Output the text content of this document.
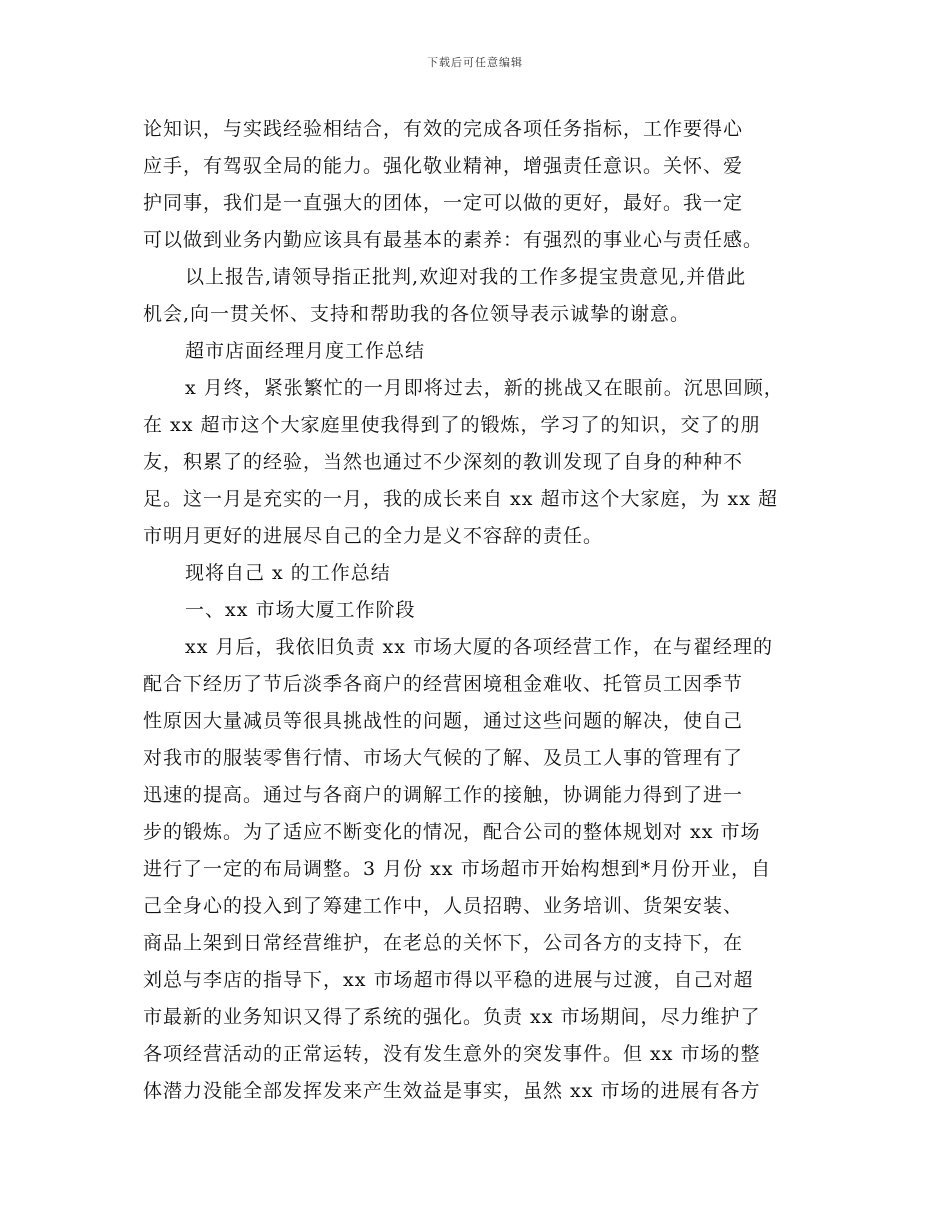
下载后可任意编辑
论知识，与实践经验相结合，有效的完成各项任务指标，工作要得心
应手，有驾驭全局的能力。强化敬业精神，增强责任意识。关怀、爱
护同事，我们是一直强大的团体，一定可以做的更好，最好。我一定
可以做到业务内勤应该具有最基本的素养：有强烈的事业心与责任感。
以上报告,请领导指正批判,欢迎对我的工作多提宝贵意见,并借此
机会,向一贯关怀、支持和帮助我的各位领导表示诚挚的谢意。
超市店面经理月度工作总结
x 月终，紧张繁忙的一月即将过去，新的挑战又在眼前。沉思回顾，
在 xx 超市这个大家庭里使我得到了的锻炼，学习了的知识，交了的朋
友，积累了的经验，当然也通过不少深刻的教训发现了自身的种种不
足。这一月是充实的一月，我的成长来自 xx 超市这个大家庭，为 xx 超
市明月更好的进展尽自己的全力是义不容辞的责任。
现将自己 x 的工作总结
一、xx 市场大厦工作阶段
xx 月后，我依旧负责 xx 市场大厦的各项经营工作，在与翟经理的
配合下经历了节后淡季各商户的经营困境租金难收、托管员工因季节
性原因大量减员等很具挑战性的问题，通过这些问题的解决，使自己
对我市的服装零售行情、市场大气候的了解、及员工人事的管理有了
迅速的提高。通过与各商户的调解工作的接触，协调能力得到了进一
步的锻炼。为了适应不断变化的情况，配合公司的整体规划对 xx 市场
进行了一定的布局调整。3 月份 xx 市场超市开始构想到*月份开业，自
己全身心的投入到了筹建工作中，人员招聘、业务培训、货架安装、
商品上架到日常经营维护，在老总的关怀下，公司各方的支持下，在
刘总与李店的指导下，xx 市场超市得以平稳的进展与过渡，自己对超
市最新的业务知识又得了系统的强化。负责 xx 市场期间，尽力维护了
各项经营活动的正常运转，没有发生意外的突发事件。但 xx 市场的整
体潜力没能全部发挥发来产生效益是事实，虽然 xx 市场的进展有各方
